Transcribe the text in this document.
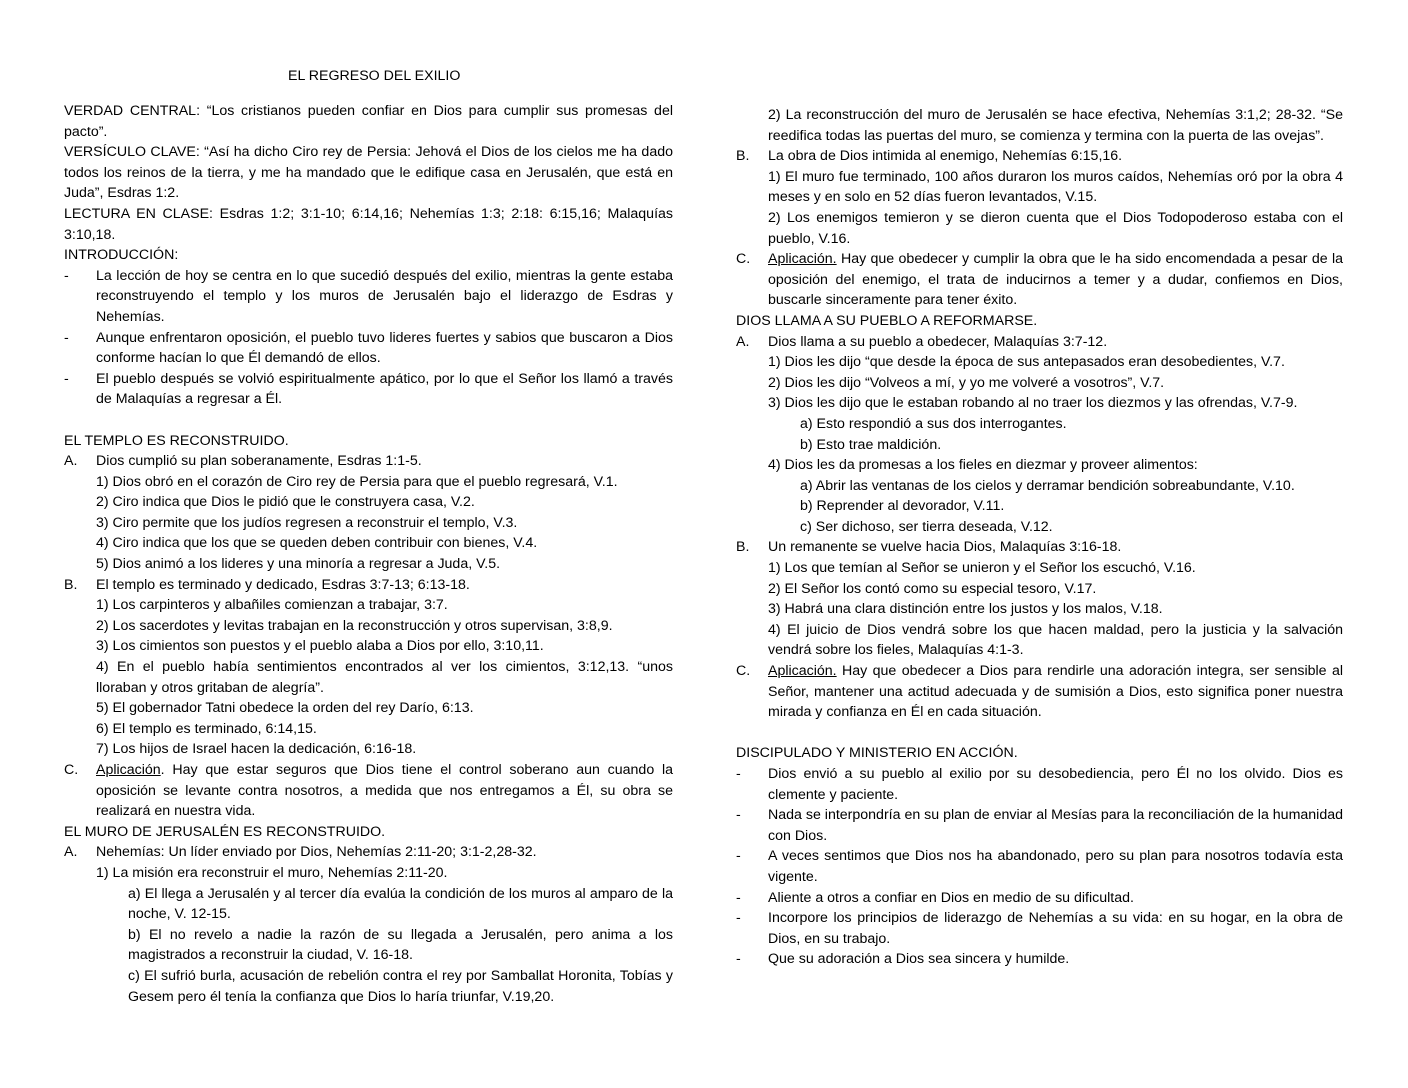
EL REGRESO DEL EXILIO
VERDAD CENTRAL: “Los cristianos pueden confiar en Dios para cumplir sus promesas del pacto”.
VERSÍCULO CLAVE: “Así ha dicho Ciro rey de Persia: Jehová el Dios de los cielos me ha dado todos los reinos de la tierra, y me ha mandado que le edifique casa en Jerusalén, que está en Juda”, Esdras 1:2.
LECTURA EN CLASE: Esdras 1:2; 3:1-10; 6:14,16; Nehemías 1:3; 2:18: 6:15,16; Malaquías 3:10,18.
INTRODUCCIÓN:
-	La lección de hoy se centra en lo que sucedió después del exilio, mientras la gente estaba reconstruyendo el templo y los muros de Jerusalén bajo el liderazgo de Esdras y Nehemías.
-	Aunque enfrentaron oposición, el pueblo tuvo lideres fuertes y sabios que buscaron a Dios conforme hacían lo que Él demandó de ellos.
-	El pueblo después se volvió espiritualmente apático, por lo que el Señor los llamó a través de Malaquías a regresar a Él.
EL TEMPLO ES RECONSTRUIDO.
A.	Dios cumplió su plan soberanamente, Esdras 1:1-5.
1) Dios obró en el corazón de Ciro rey de Persia para que el pueblo regresará, V.1.
2) Ciro indica que Dios le pidió que le construyera casa, V.2.
3) Ciro permite que los judíos regresen a reconstruir el templo, V.3.
4) Ciro indica que los que se queden deben contribuir con bienes, V.4.
5) Dios animó a los lideres y una minoría a regresar a Juda, V.5.
B.	El templo es terminado y dedicado, Esdras 3:7-13; 6:13-18.
1) Los carpinteros y albañiles comienzan a trabajar, 3:7.
2) Los sacerdotes y levitas trabajan en la reconstrucción y otros supervisan, 3:8,9.
3) Los cimientos son puestos y el pueblo alaba a Dios por ello, 3:10,11.
4) En el pueblo había sentimientos encontrados al ver los cimientos, 3:12,13. “unos lloraban y otros gritaban de alegría”.
5) El gobernador Tatni obedece la orden del rey Darío, 6:13.
6) El templo es terminado, 6:14,15.
7) Los hijos de Israel hacen la dedicación, 6:16-18.
C.	Aplicación. Hay que estar seguros que Dios tiene el control soberano aun cuando la oposición se levante contra nosotros, a medida que nos entregamos a Él, su obra se realizará en nuestra vida.
EL MURO DE JERUSALÉN ES RECONSTRUIDO.
A.	Nehemías: Un líder enviado por Dios, Nehemías 2:11-20; 3:1-2,28-32.
1) La misión era reconstruir el muro, Nehemías 2:11-20.
a) El llega a Jerusalén y al tercer día evalúa la condición de los muros al amparo de la noche, V. 12-15.
b) El no revelo a nadie la razón de su llegada a Jerusalén, pero anima a los magistrados a reconstruir la ciudad, V. 16-18.
c) El sufrió burla, acusación de rebelión contra el rey por Samballat Horonita, Tobías y Gesem pero él tenía la confianza que Dios lo haría triunfar, V.19,20.
2) La reconstrucción del muro de Jerusalén se hace efectiva, Nehemías 3:1,2; 28-32. “Se reedifica todas las puertas del muro, se comienza y termina con la puerta de las ovejas”.
B.	La obra de Dios intimida al enemigo, Nehemías 6:15,16.
1) El muro fue terminado, 100 años duraron los muros caídos, Nehemías oró por la obra 4 meses y en solo en 52 días fueron levantados, V.15.
2) Los enemigos temieron y se dieron cuenta que el Dios Todopoderoso estaba con el pueblo, V.16.
C.	Aplicación. Hay que obedecer y cumplir la obra que le ha sido encomendada a pesar de la oposición del enemigo, el trata de inducirnos a temer y a dudar, confiemos en Dios, buscarle sinceramente para tener éxito.
DIOS LLAMA A SU PUEBLO A REFORMARSE.
A.	Dios llama a su pueblo a obedecer, Malaquías 3:7-12.
1) Dios les dijo “que desde la época de sus antepasados eran desobedientes, V.7.
2) Dios les dijo “Volveos a mí, y yo me volveré a vosotros”, V.7.
3) Dios les dijo que le estaban robando al no traer los diezmos y las ofrendas, V.7-9.
a) Esto respondió a sus dos interrogantes.
b) Esto trae maldición.
4) Dios les da promesas a los fieles en diezmar y proveer alimentos:
a) Abrir las ventanas de los cielos y derramar bendición sobreabundante, V.10.
b) Reprender al devorador, V.11.
c) Ser dichoso, ser tierra deseada, V.12.
B.	Un remanente se vuelve hacia Dios, Malaquías 3:16-18.
1) Los que temían al Señor se unieron y el Señor los escuchó, V.16.
2) El Señor los contó como su especial tesoro, V.17.
3) Habrá una clara distinción entre los justos y los malos, V.18.
4) El juicio de Dios vendrá sobre los que hacen maldad, pero la justicia y la salvación vendrá sobre los fieles, Malaquías 4:1-3.
C.	Aplicación. Hay que obedecer a Dios para rendirle una adoración integra, ser sensible al Señor, mantener una actitud adecuada y de sumisión a Dios, esto significa poner nuestra mirada y confianza en Él en cada situación.
DISCIPULADO Y MINISTERIO EN ACCIÓN.
-	Dios envió a su pueblo al exilio por su desobediencia, pero Él no los olvido. Dios es clemente y paciente.
-	Nada se interpondría en su plan de enviar al Mesías para la reconciliación de la humanidad con Dios.
-	A veces sentimos que Dios nos ha abandonado, pero su plan para nosotros todavía esta vigente.
-	Aliente a otros a confiar en Dios en medio de su dificultad.
-	Incorpore los principios de liderazgo de Nehemías a su vida: en su hogar, en la obra de Dios, en su trabajo.
-	Que su adoración a Dios sea sincera y humilde.
